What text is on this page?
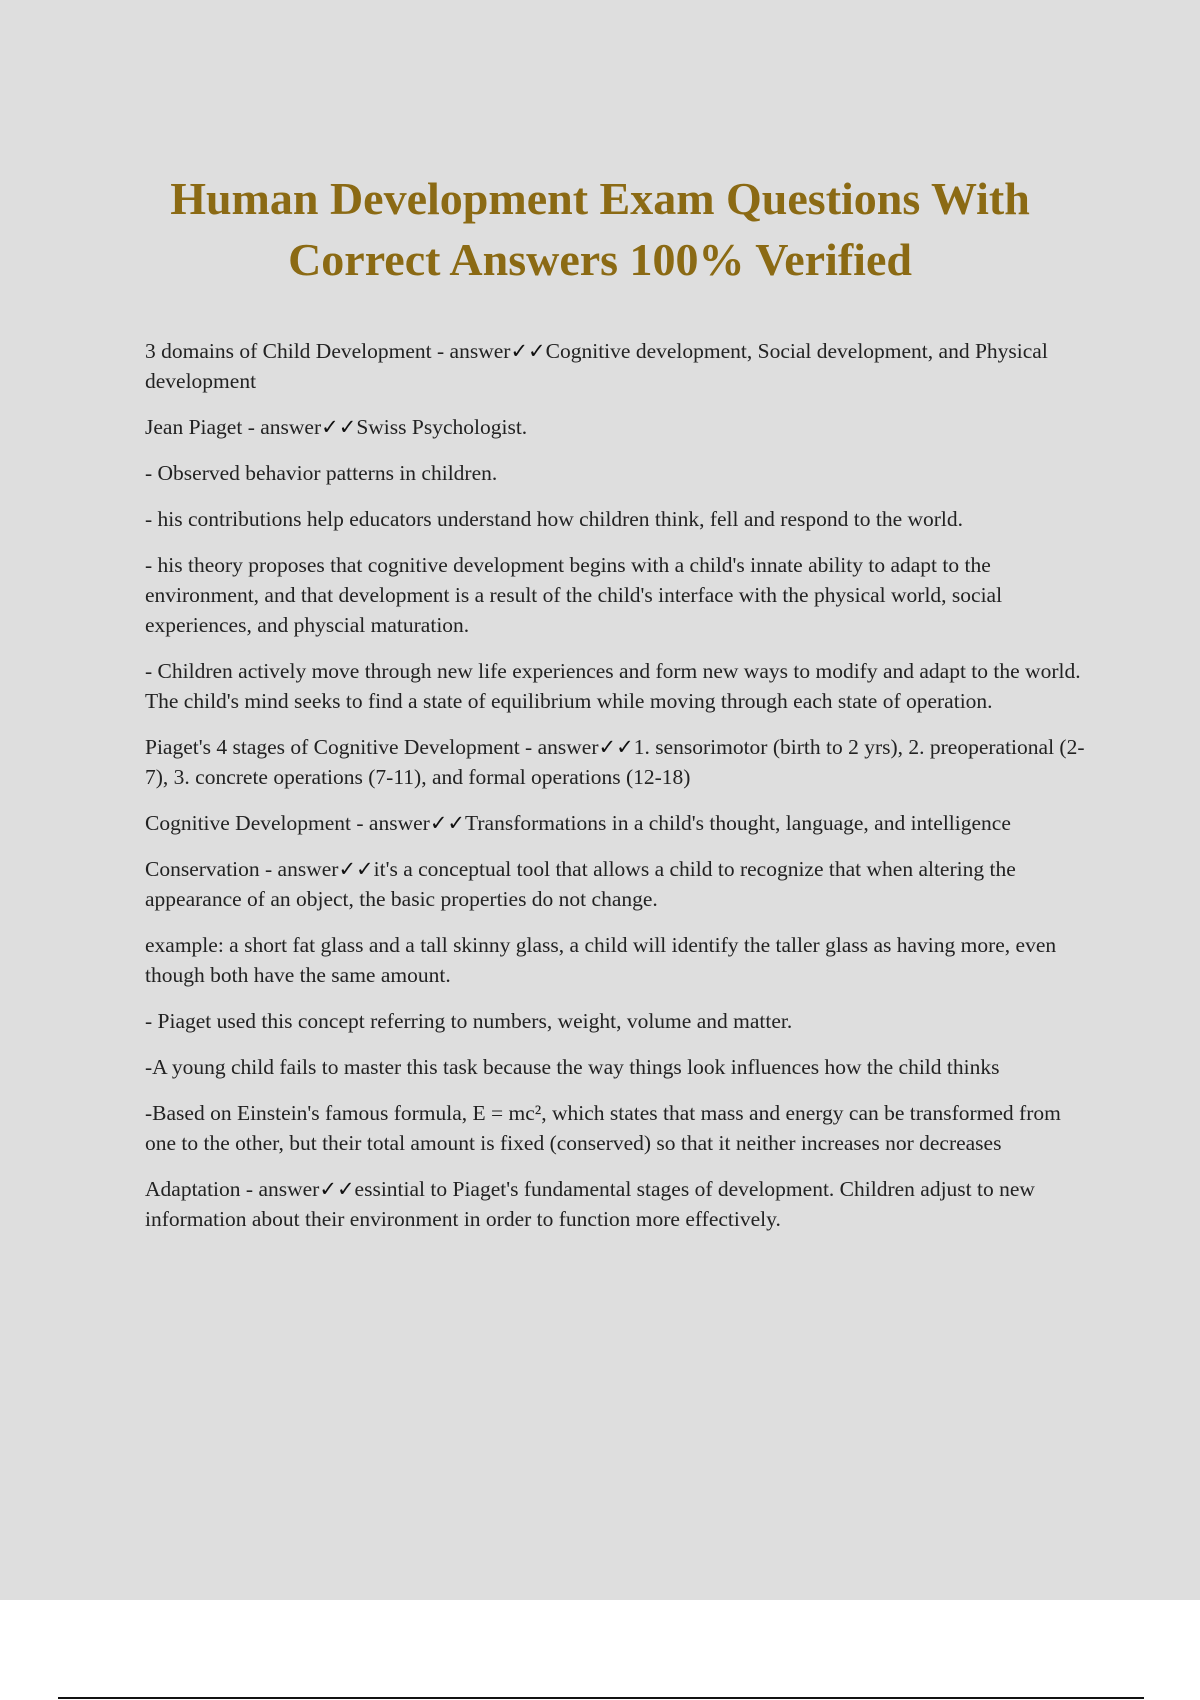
Human Development Exam Questions With
Correct Answers 100% Verified

3 domains of Child Development - answer✓✓Cognitive development, Social development, and Physical development

Jean Piaget - answer✓✓Swiss Psychologist.

- Observed behavior patterns in children.

- his contributions help educators understand how children think, fell and respond to the world.

- his theory proposes that cognitive development begins with a child's innate ability to adapt to the environment, and that development is a result of the child's interface with the physical world, social experiences, and physcial maturation.

- Children actively move through new life experiences and form new ways to modify and adapt to the world. The child's mind seeks to find a state of equilibrium while moving through each state of operation.

Piaget's 4 stages of Cognitive Development - answer✓✓1. sensorimotor (birth to 2 yrs), 2. preoperational (2-7), 3. concrete operations (7-11), and formal operations (12-18)

Cognitive Development - answer✓✓Transformations in a child's thought, language, and intelligence

Conservation - answer✓✓it's a conceptual tool that allows a child to recognize that when altering the appearance of an object, the basic properties do not change.

example: a short fat glass and a tall skinny glass, a child will identify the taller glass as having more, even though both have the same amount.

- Piaget used this concept referring to numbers, weight, volume and matter.

-A young child fails to master this task because the way things look influences how the child thinks

-Based on Einstein's famous formula, E = mc², which states that mass and energy can be transformed from one to the other, but their total amount is fixed (conserved) so that it neither increases nor decreases

Adaptation - answer✓✓essintial to Piaget's fundamental stages of development. Children adjust to new information about their environment in order to function more effectively.
